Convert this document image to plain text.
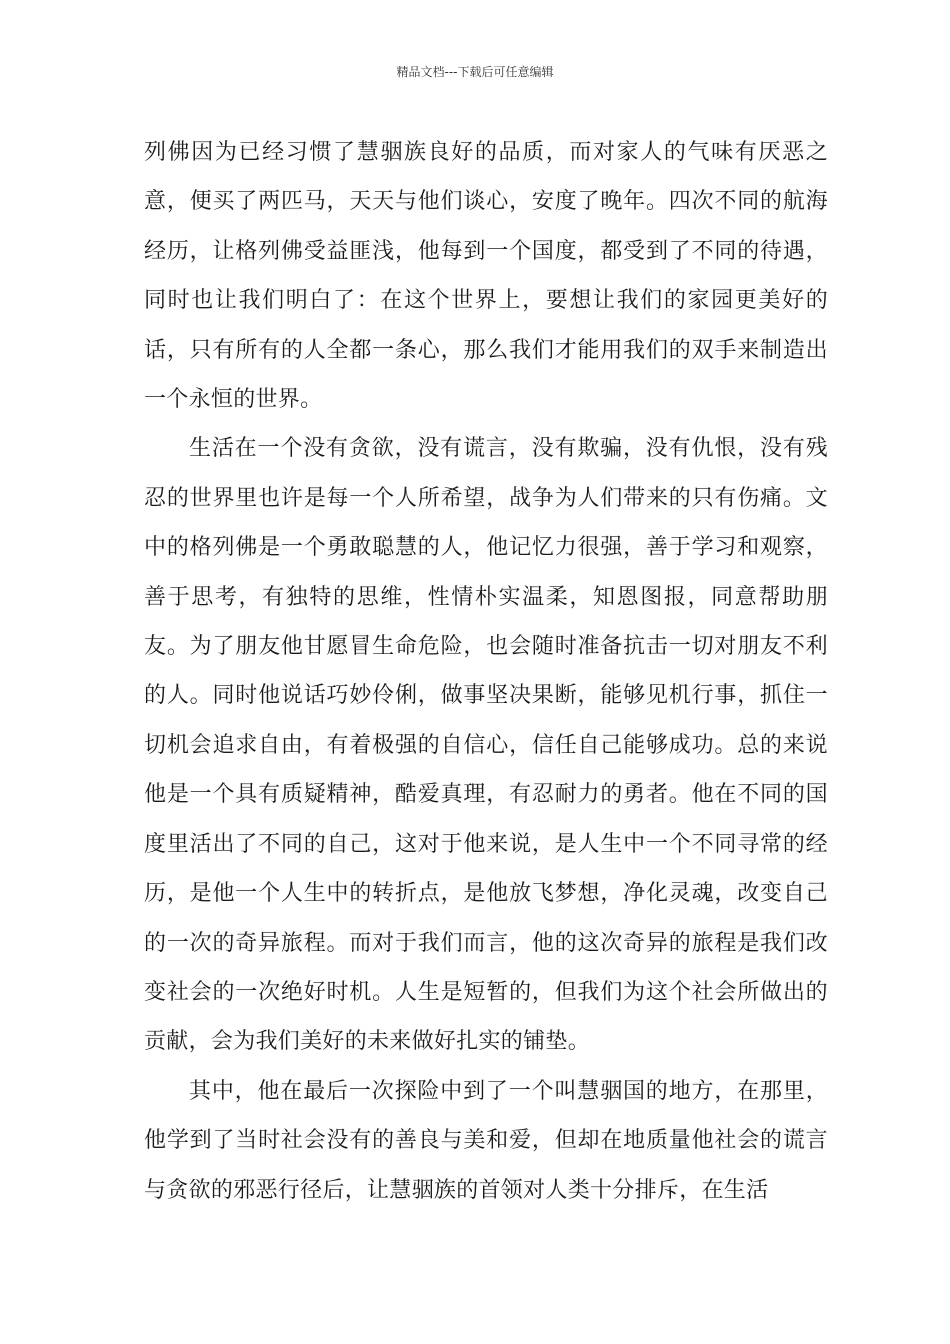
精品文档---下载后可任意编辑

列佛因为已经习惯了慧骃族良好的品质，而对家人的气味有厌恶之意，便买了两匹马，天天与他们谈心，安度了晚年。四次不同的航海经历，让格列佛受益匪浅，他每到一个国度，都受到了不同的待遇，同时也让我们明白了：在这个世界上，要想让我们的家园更美好的话，只有所有的人全都一条心，那么我们才能用我们的双手来制造出一个永恒的世界。

生活在一个没有贪欲，没有谎言，没有欺骗，没有仇恨，没有残忍的世界里也许是每一个人所希望，战争为人们带来的只有伤痛。文中的格列佛是一个勇敢聪慧的人，他记忆力很强，善于学习和观察，善于思考，有独特的思维，性情朴实温柔，知恩图报，同意帮助朋友。为了朋友他甘愿冒生命危险，也会随时准备抗击一切对朋友不利的人。同时他说话巧妙伶俐，做事坚决果断，能够见机行事，抓住一切机会追求自由，有着极强的自信心，信任自己能够成功。总的来说他是一个具有质疑精神，酷爱真理，有忍耐力的勇者。他在不同的国度里活出了不同的自己，这对于他来说，是人生中一个不同寻常的经历，是他一个人生中的转折点，是他放飞梦想，净化灵魂，改变自己的一次的奇异旅程。而对于我们而言，他的这次奇异的旅程是我们改变社会的一次绝好时机。人生是短暂的，但我们为这个社会所做出的贡献，会为我们美好的未来做好扎实的铺垫。

其中，他在最后一次探险中到了一个叫慧骃国的地方，在那里，他学到了当时社会没有的善良与美和爱，但却在地质量他社会的谎言与贪欲的邪恶行径后，让慧骃族的首领对人类十分排斥，在生活
